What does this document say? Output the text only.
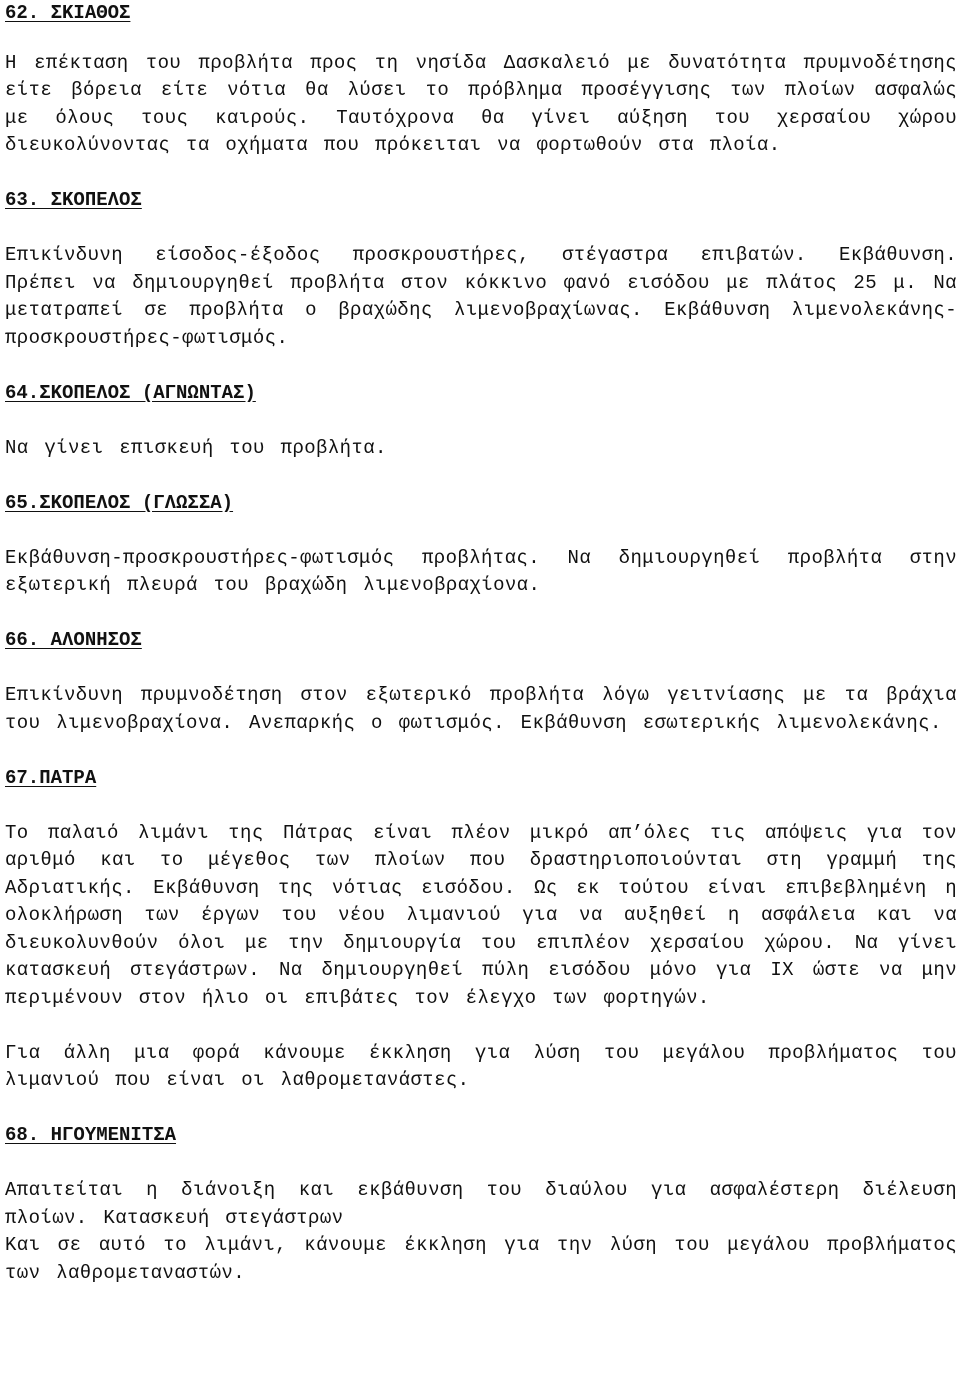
62. ΣΚΙΑΘΟΣ
Η επέκταση του προβλήτα προς τη νησίδα Δασκαλειό με δυνατότητα πρυμνοδέτησης είτε βόρεια είτε νότια θα λύσει το πρόβλημα προσέγγισης των πλοίων ασφαλώς με όλους τους καιρούς. Ταυτόχρονα θα γίνει αύξηση του χερσαίου χώρου διευκολύνοντας τα οχήματα που πρόκειται να φορτωθούν στα πλοία.
63. ΣΚΟΠΕΛΟΣ
Επικίνδυνη είσοδος-έξοδος προσκρουστήρες, στέγαστρα επιβατών. Εκβάθυνση. Πρέπει να δημιουργηθεί προβλήτα στον κόκκινο φανό εισόδου με πλάτος 25 μ. Να μετατραπεί σε προβλήτα ο βραχώδης λιμενοβραχίωνας. Εκβάθυνση λιμενολεκάνης-προσκρουστήρες-φωτισμός.
64.ΣΚΟΠΕΛΟΣ (ΑΓΝΩΝΤΑΣ)
Να γίνει επισκευή του προβλήτα.
65.ΣΚΟΠΕΛΟΣ (ΓΛΩΣΣΑ)
Εκβάθυνση-προσκρουστήρες-φωτισμός προβλήτας. Να δημιουργηθεί προβλήτα στην εξωτερική πλευρά του βραχώδη λιμενοβραχίονα.
66. ΑΛΟΝΗΣΟΣ
Επικίνδυνη πρυμνοδέτηση στον εξωτερικό προβλήτα λόγω γειτνίασης με τα βράχια του λιμενοβραχίονα. Ανεπαρκής ο φωτισμός. Εκβάθυνση εσωτερικής λιμενολεκάνης.
67.ΠΑΤΡΑ
Το παλαιό λιμάνι της Πάτρας είναι πλέον μικρό απ’όλες τις απόψεις για τον αριθμό και το μέγεθος των πλοίων που δραστηριοποιούνται στη γραμμή της Αδριατικής. Εκβάθυνση της νότιας εισόδου. Ως εκ τούτου είναι επιβεβλημένη η ολοκλήρωση των έργων του νέου λιμανιού για να αυξηθεί η ασφάλεια και να διευκολυνθούν όλοι με την δημιουργία του επιπλέον χερσαίου χώρου. Να γίνει κατασκευή στεγάστρων. Να δημιουργηθεί πύλη εισόδου μόνο για ΙΧ ώστε να μην περιμένουν στον ήλιο οι επιβάτες τον έλεγχο των φορτηγών.
Για άλλη μια φορά κάνουμε έκκληση για λύση του μεγάλου προβλήματος του λιμανιού που είναι οι λαθρομετανάστες.
68. ΗΓΟΥΜΕΝΙΤΣΑ
Απαιτείται η διάνοιξη και εκβάθυνση του διαύλου για ασφαλέστερη διέλευση πλοίων. Κατασκευή στεγάστρων
Και σε αυτό το λιμάνι, κάνουμε έκκληση για την λύση του μεγάλου προβλήματος των λαθρομεταναστών.
